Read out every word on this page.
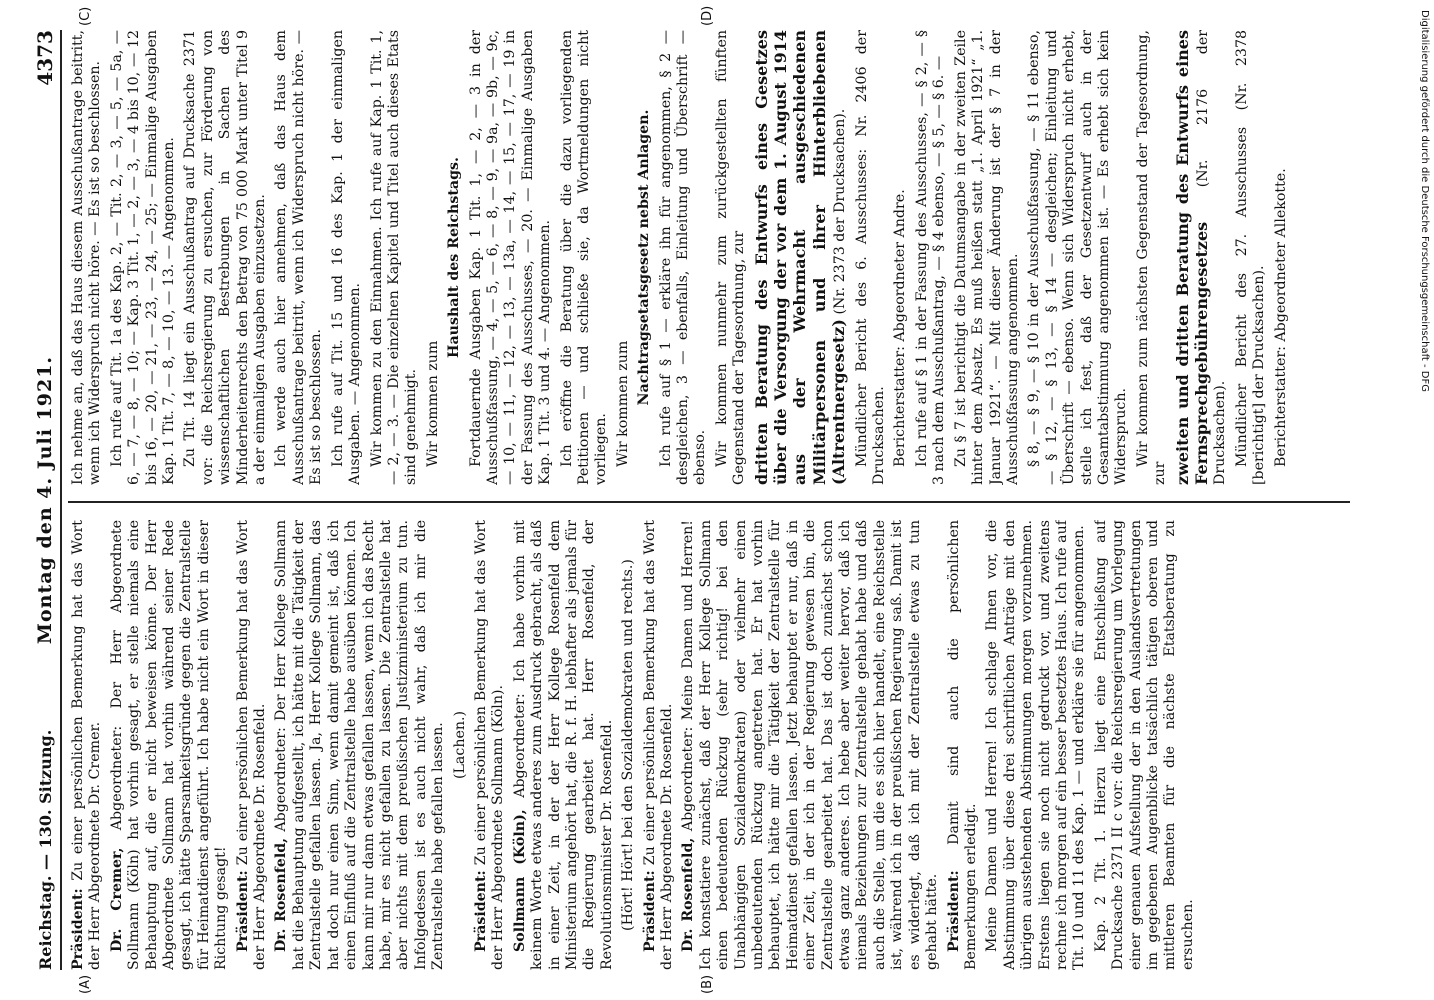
Reichstag. — 130. Sitzung.
Montag den 4. Juli 1921.
4373
(A)	(B)
(C)	(D)

Präsident: Zu einer persönlichen Bemerkung hat das Wort der Herr Abgeordnete Dr. Cremer. Dr. Cremer, Abgeordneter: Der Herr Abgeordnete Sollmann (Köln) hat vorhin gesagt, er stelle niemals eine Behauptung auf, die er nicht beweisen könne. Der Herr Abgeordnete Sollmann hat vorhin während seiner Rede gesagt, ich hätte Sparsamkeitsgründe gegen die Zentralstelle für Heimatdienst angeführt. Ich habe nicht ein Wort in dieser Richtung gesagt! Präsident: Zu einer persönlichen Bemerkung hat das Wort der Herr Abgeordnete Dr. Rosenfeld. Dr. Rosenfeld, Abgeordneter: Der Herr Kollege Sollmann hat die Behauptung aufgestellt, ich hätte mit die Tätigkeit der Zentralstelle gefallen lassen. Ja, Herr Kollege Sollmann, das hat doch nur einen Sinn, wenn damit gemeint ist, daß ich einen Einfluß auf die Zentralstelle habe ausüben können. Ich kann mir nur dann etwas gefallen lassen, wenn ich das Recht habe, mir es nicht gefallen zu lassen. Die Zentralstelle hat aber nichts mit dem preußischen Justizministerium zu tun. Infolgedessen ist es auch nicht wahr, daß ich mir die Zentralstelle habe gefallen lassen. (Lachen.)

Präsident: Zu einer persönlichen Bemerkung hat das Wort der Herr Abgeordnete Sollmann (Köln). Sollmann (Köln), Abgeordneter: Ich habe vorhin mit keinem Worte etwas anderes zum Ausdruck gebracht, als daß in einer Zeit, in der der Herr Kollege Rosenfeld dem Ministerium angehört hat, die R. f. H. lebhafter als jemals für die Regierung gearbeitet hat. Herr Rosenfeld, der Revolutionsminister Dr. Rosenfeld. (Hört! Hört! bei den Sozialdemokraten und rechts.) Präsident: Zu einer persönlichen Bemerkung hat das Wort der Herr Abgeordnete Dr. Rosenfeld. Dr. Rosenfeld, Abgeordneter: Meine Damen und Herren! Ich konstatiere zunächst, daß der Herr Kollege Sollmann einen bedeutenden Rückzug (sehr richtig! bei den Unabhängigen Sozialdemokraten) oder vielmehr einen unbedeutenden Rückzug angetreten hat. Er hat vorhin behauptet, ich hätte mir die Tätigkeit der Zentralstelle für Heimatdienst gefallen lassen. Jetzt behauptet er nur, daß in einer Zeit, in der ich in der Regierung gewesen bin, die Zentralstelle gearbeitet hat. Das ist doch zunächst schon etwas ganz anderes. Ich hebe aber weiter hervor, daß ich niemals Beziehungen zur Zentralstelle gehabt habe und daß auch die Stelle, um die es sich hier handelt, eine Reichsstelle ist, während ich in der preußischen Regierung saß. Damit ist es widerlegt, daß ich mit der Zentralstelle etwas zu tun gehabt hätte. Präsident: Damit sind auch die persönlichen Bemerkungen erledigt. Meine Damen und Herren! Ich schlage Ihnen vor, die Abstimmung über diese drei schriftlichen Anträge mit den übrigen ausstehenden Abstimmungen morgen vorzunehmen. Erstens liegen sie noch nicht gedruckt vor, und zweitens rechne ich morgen auf ein besser besetztes Haus. Ich rufe auf Tit. 10 und 11 des Kap. 1 — und erkläre sie für angenommen. Kap. 2 Tit. 1. Hierzu liegt eine Entschließung auf Drucksache 2371 II c vor: die Reichsregierung um Vorlegung einer genauen Aufstellung der in den Auslandsvertretungen im gegebenen Augenblicke tatsächlich tätigen oberen und mittleren Beamten für die nächste Etatsberatung zu ersuchen.

Ich nehme an, daß das Haus diesem Ausschußantrage beitritt, wenn ich Widerspruch nicht höre. — Es ist so beschlossen. Ich rufe auf Tit. 1a des Kap. 2, — Tit. 2, — 3, — 5, — 5a, — 6, — 7, — 8, — 10; — Kap. 3 Tit. 1, — 2, — 3, — 4 bis 10, — 12 bis 16, — 20, — 21, — 23, — 24, — 25; — Einmalige Ausgaben Kap. 1 Tit. 7, — 8, — 10, — 13. — Angenommen. Zu Tit. 14 liegt ein Ausschußantrag auf Drucksache 2371 vor: die Reichsregierung zu ersuchen, zur Förderung von wissenschaftlichen Bestrebungen in Sachen des Minderheitenrechts den Betrag von 75 000 Mark unter Titel 9 a der einmaligen Ausgaben einzusetzen. Ich werde auch hier annehmen, daß das Haus dem Ausschußantrage beitritt, wenn ich Widerspruch nicht höre. — Es ist so beschlossen. Ich rufe auf Tit. 15 und 16 des Kap. 1 der einmaligen Ausgaben. — Angenommen. Wir kommen zu den Einnahmen. Ich rufe auf Kap. 1 Tit. 1, — 2, — 3. — Die einzelnen Kapitel und Titel auch dieses Etats sind genehmigt. Wir kommen zum

Haushalt des Reichstags. Fortdauernde Ausgaben Kap. 1 Tit. 1, — 2, — 3 in der Ausschußfassung, — 4, — 5, — 6, — 8, — 9, — 9a, — 9b, — 9c, — 10, — 11, — 12, — 13, — 13a, — 14, — 15, — 17, — 19 in der Fassung des Ausschusses, — 20. — Einmalige Ausgaben Kap. 1 Tit. 3 und 4. — Angenommen. Ich eröffne die Beratung über die dazu vorliegenden Petitionen — und schließe sie, da Wortmeldungen nicht vorliegen. Wir kommen zum Nachtragsetatsgesetz nebst Anlagen. Ich rufe auf § 1 — erkläre ihn für angenommen, § 2 — desgleichen, 3 — ebenfalls, Einleitung und Überschrift — ebenso. Wir kommen nunmehr zum zurückgestellten fünften Gegenstand der Tagesordnung, zur dritten Beratung des Entwurfs eines Gesetzes über die Versorgung der vor dem 1. August 1914 aus der Wehrmacht ausgeschiedenen Militärpersonen und ihrer Hinterbliebenen (Altrentnergesetz) (Nr. 2373 der Drucksachen). Mündlicher Bericht des 6. Ausschusses: Nr. 2406 der Drucksachen. Berichterstatter: Abgeordneter Andre. Ich rufe auf § 1 in der Fassung des Ausschusses, — § 2, — § 3 nach dem Ausschußantrag, — § 4 ebenso, — § 5, — § 6. — Zu § 7 ist berichtigt die Datumsangabe in der zweiten Zeile hinter dem Absatz. Es muß heißen statt „1. April 1921“ „1. Januar 1921“. — Mit dieser Änderung ist der § 7 in der Ausschußfassung angenommen. § 8, — § 9, — § 10 in der Ausschußfassung, — § 11 ebenso, — § 12, — § 13, — § 14 — desgleichen; Einleitung und Überschrift — ebenso. Wenn sich Widerspruch nicht erhebt, stelle ich fest, daß der Gesetzentwurf auch in der Gesamtabstimmung angenommen ist. — Es erhebt sich kein Widerspruch. Wir kommen zum nächsten Gegenstand der Tagesordnung, zur zweiten und dritten Beratung des Entwurfs eines Fernsprechgebührengesetzes (Nr. 2176 der Drucksachen). Mündlicher Bericht des 27. Ausschusses (Nr. 2378 [berichtigt] der Drucksachen). Berichterstatter: Abgeordneter Allekotte.	Digitalisierung gefördert durch die Deutsche Forschungsgemeinschaft - DFG
